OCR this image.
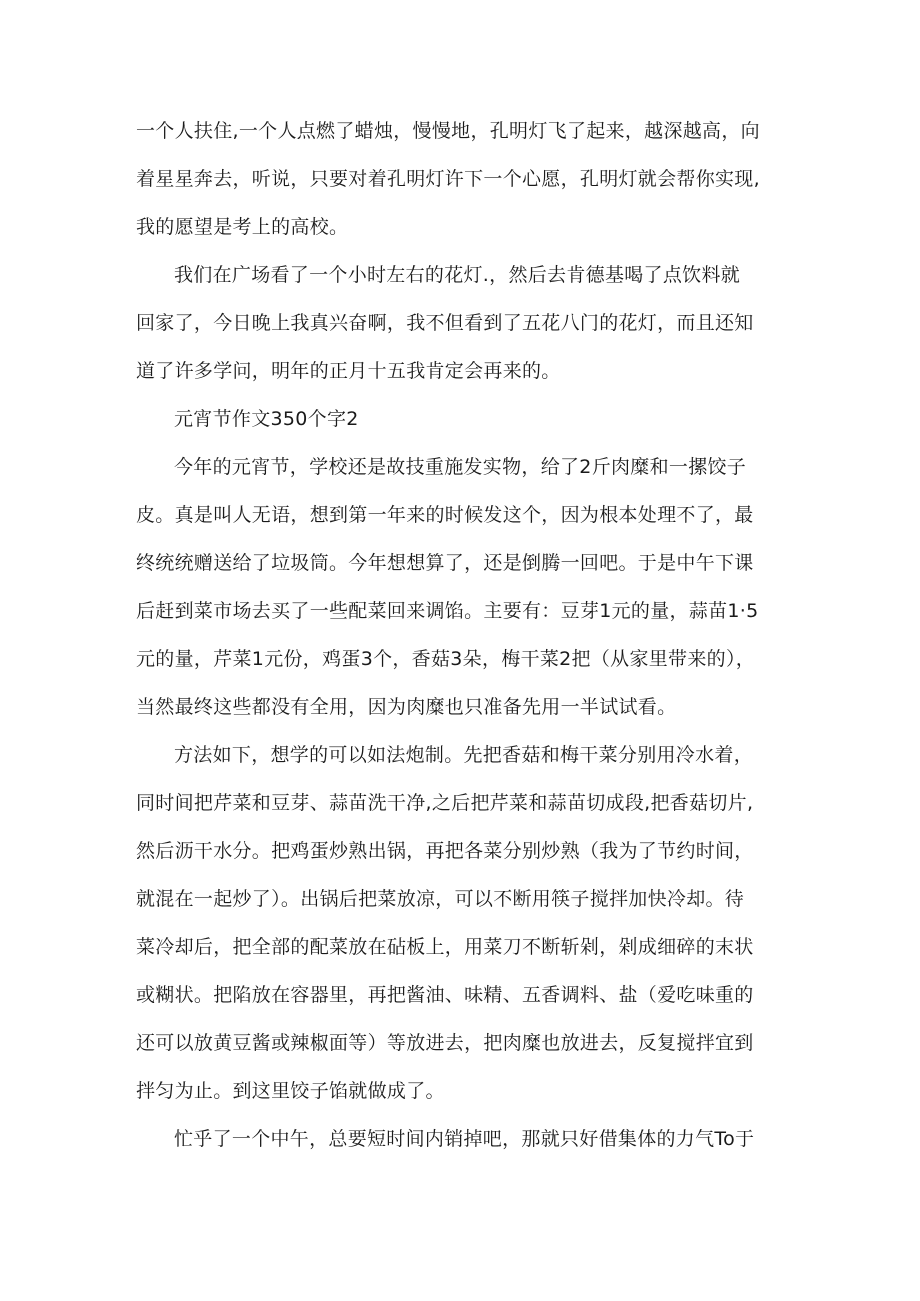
一个人扶住,一个人点燃了蜡烛，慢慢地，孔明灯飞了起来，越深越高，向
着星星奔去，听说，只要对着孔明灯许下一个心愿，孔明灯就会帮你实现,
我的愿望是考上的高校。
我们在广场看了一个小时左右的花灯.，然后去肯德基喝了点饮料就
回家了，今日晚上我真兴奋啊，我不但看到了五花八门的花灯，而且还知
道了许多学问，明年的正月十五我肯定会再来的。
元宵节作文350个字2
今年的元宵节，学校还是故技重施发实物，给了2斤肉糜和一摞饺子
皮。真是叫人无语，想到第一年来的时候发这个，因为根本处理不了，最
终统统赠送给了垃圾筒。今年想想算了，还是倒腾一回吧。于是中午下课
后赶到菜市场去买了一些配菜回来调馅。主要有：豆芽1元的量，蒜苗1·5
元的量，芹菜1元份，鸡蛋3个，香菇3朵，梅干菜2把（从家里带来的），
当然最终这些都没有全用，因为肉糜也只准备先用一半试试看。
方法如下，想学的可以如法炮制。先把香菇和梅干菜分别用冷水着，
同时间把芹菜和豆芽、蒜苗洗干净,之后把芹菜和蒜苗切成段,把香菇切片,
然后沥干水分。把鸡蛋炒熟出锅，再把各菜分别炒熟（我为了节约时间，
就混在一起炒了）。出锅后把菜放凉，可以不断用筷子搅拌加快冷却。待
菜冷却后，把全部的配菜放在砧板上，用菜刀不断斩剁，剁成细碎的末状
或糊状。把陷放在容器里，再把酱油、味精、五香调料、盐（爱吃味重的
还可以放黄豆酱或辣椒面等）等放进去，把肉糜也放进去，反复搅拌宜到
拌匀为止。到这里饺子馅就做成了。
忙乎了一个中午，总要短时间内销掉吧，那就只好借集体的力气To于
